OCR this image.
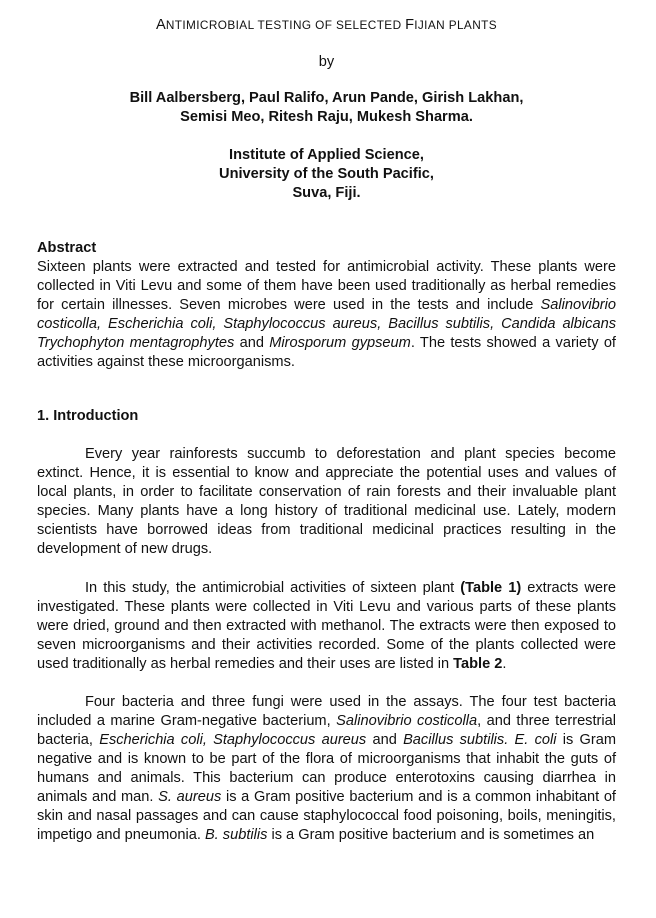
ANTIMICROBIAL TESTING OF SELECTED FIJIAN PLANTS
by
Bill Aalbersberg, Paul Ralifo, Arun Pande, Girish Lakhan,
Semisi Meo, Ritesh Raju, Mukesh Sharma.
Institute of Applied Science,
University of the South Pacific,
Suva, Fiji.
Abstract

Sixteen plants were extracted and tested for antimicrobial activity. These plants were collected in Viti Levu and some of them have been used traditionally as herbal remedies for certain illnesses. Seven microbes were used in the tests and include Salinovibrio costicolla, Escherichia coli, Staphylococcus aureus, Bacillus subtilis, Candida albicans Trychophyton mentagrophytes and Mirosporum gypseum. The tests showed a variety of activities against these microorganisms.

1. Introduction

Every year rainforests succumb to deforestation and plant species become extinct. Hence, it is essential to know and appreciate the potential uses and values of local plants, in order to facilitate conservation of rain forests and their invaluable plant species. Many plants have a long history of traditional medicinal use. Lately, modern scientists have borrowed ideas from traditional medicinal practices resulting in the development of new drugs.

In this study, the antimicrobial activities of sixteen plant (Table 1) extracts were investigated. These plants were collected in Viti Levu and various parts of these plants were dried, ground and then extracted with methanol. The extracts were then exposed to seven microorganisms and their activities recorded. Some of the plants collected were used traditionally as herbal remedies and their uses are listed in Table 2.

Four bacteria and three fungi were used in the assays. The four test bacteria included a marine Gram-negative bacterium, Salinovibrio costicolla, and three terrestrial bacteria, Escherichia coli, Staphylococcus aureus and Bacillus subtilis. E. coli is Gram negative and is known to be part of the flora of microorganisms that inhabit the guts of humans and animals. This bacterium can produce enterotoxins causing diarrhea in animals and man. S. aureus is a Gram positive bacterium and is a common inhabitant of skin and nasal passages and can cause staphylococcal food poisoning, boils, meningitis, impetigo and pneumonia. B. subtilis is a Gram positive bacterium and is sometimes an
